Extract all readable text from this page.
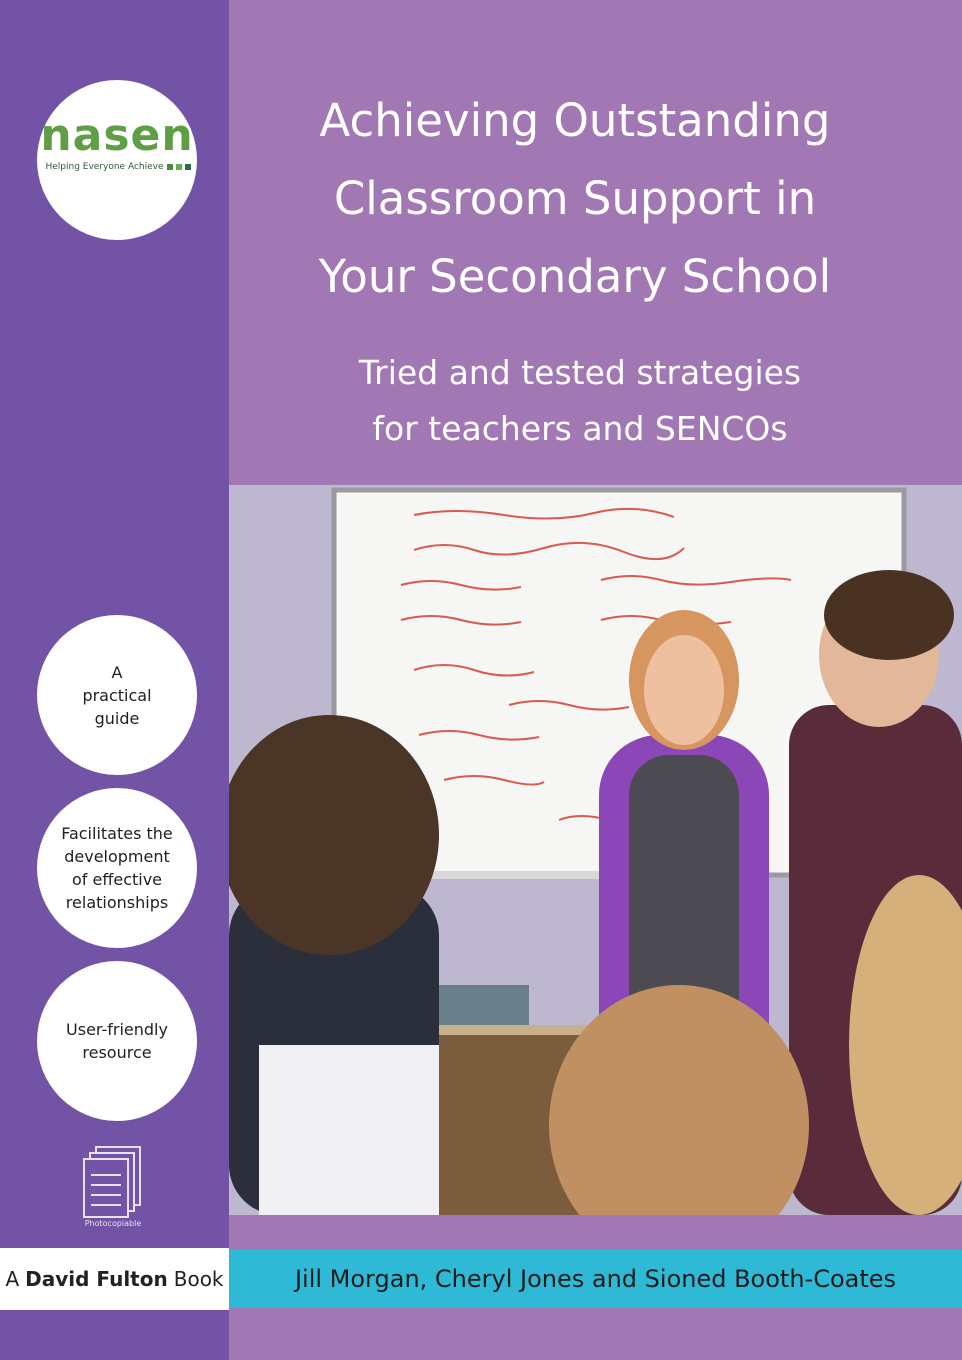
nasen
Helping Everyone Achieve
A
practical
guide
Facilitates the
development
of effective
relationships
User-friendly
resource
Photocopiable
A David Fulton Book
Achieving Outstanding
Classroom Support in
Your Secondary School
Tried and tested strategies
for teachers and SENCOs
Jill Morgan, Cheryl Jones and Sioned Booth-Coates
